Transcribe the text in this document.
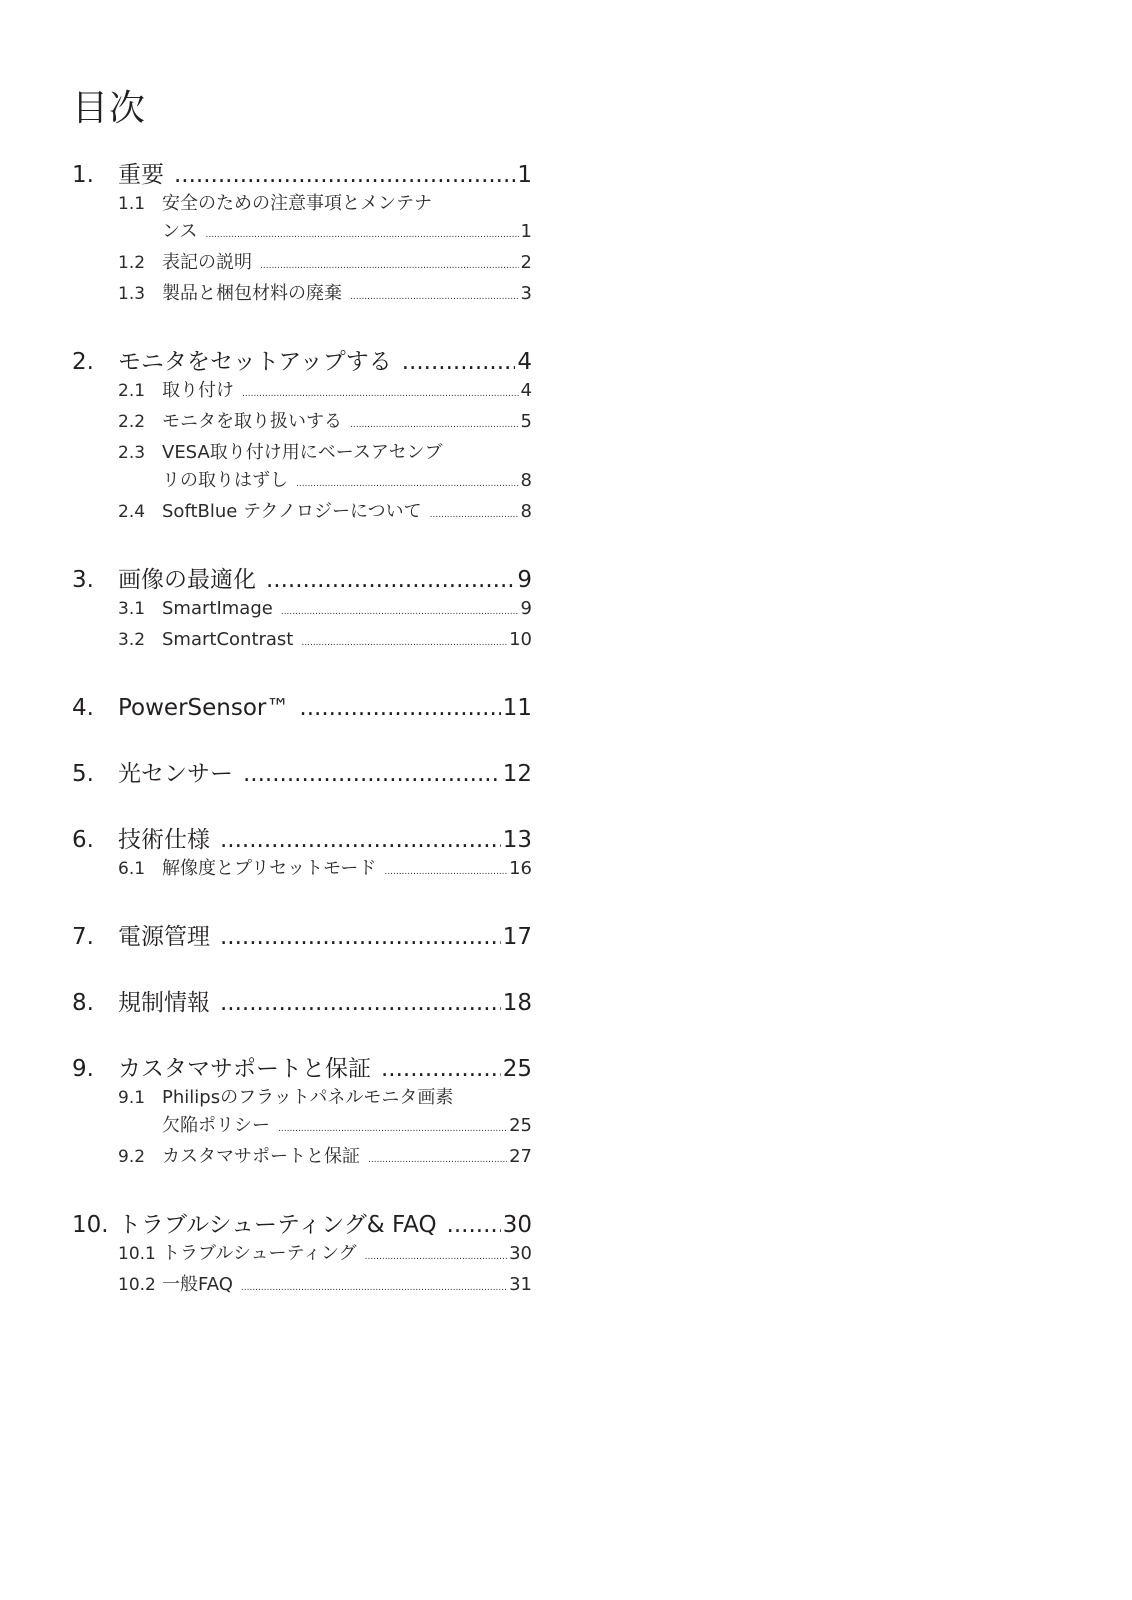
目次
1.	重要 .....	1
1.1 安全のための注意事項とメンテナ
ンス .....	1
1.2 表記の説明 .....	2
1.3 製品と梱包材料の廃棄 .....	3
2.	モニタをセットアップする .....	4
2.1 取り付け .....	4
2.2 モニタを取り扱いする .....	5
2.3 VESA取り付け用にベースアセンブ
リの取りはずし .....	8
2.4 SoftBlue テクノロジーについて .....	8
3.	画像の最適化 .....	9
3.1 SmartImage .....	9
3.2 SmartContrast .....	10
4.	PowerSensor™ .....	11
5.	光センサー .....	12
6.	技術仕様 .....	13
6.1 解像度とプリセットモード .....	16
7.	電源管理 .....	17
8.	規制情報 .....	18
9.	カスタマサポートと保証 .....	25
9.1 Philipsのフラットパネルモニタ画素
欠陥ポリシー .....	25
9.2 カスタマサポートと保証 .....	27
10. トラブルシューティング& FAQ .....	30
10.1 トラブルシューティング .....	30
10.2 一般FAQ .....	31
